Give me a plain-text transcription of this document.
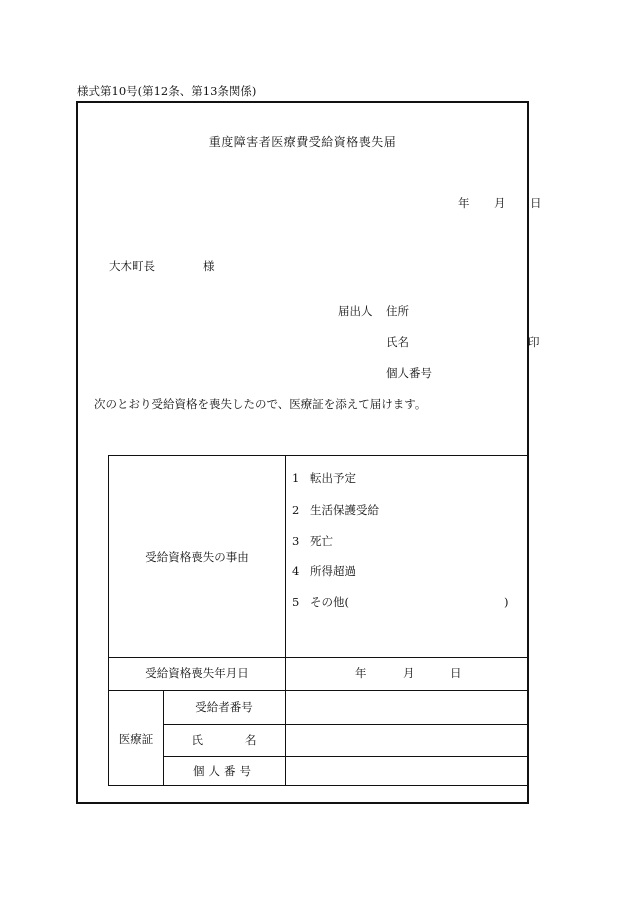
様式第10号(第12条、第13条関係)
重度障害者医療費受給資格喪失届
年 月 日
大木町長	様
届出人 住所
氏名	印
個人番号
次のとおり受給資格を喪失したので、医療証を添えて届けます。
受給資格喪失の事由
1 転出予定
2 生活保護受給
3 死亡
4 所得超過
5 その他(	)
受給資格喪失年月日	年	月	日
医療証
受給者番号
氏	名
個人番号
